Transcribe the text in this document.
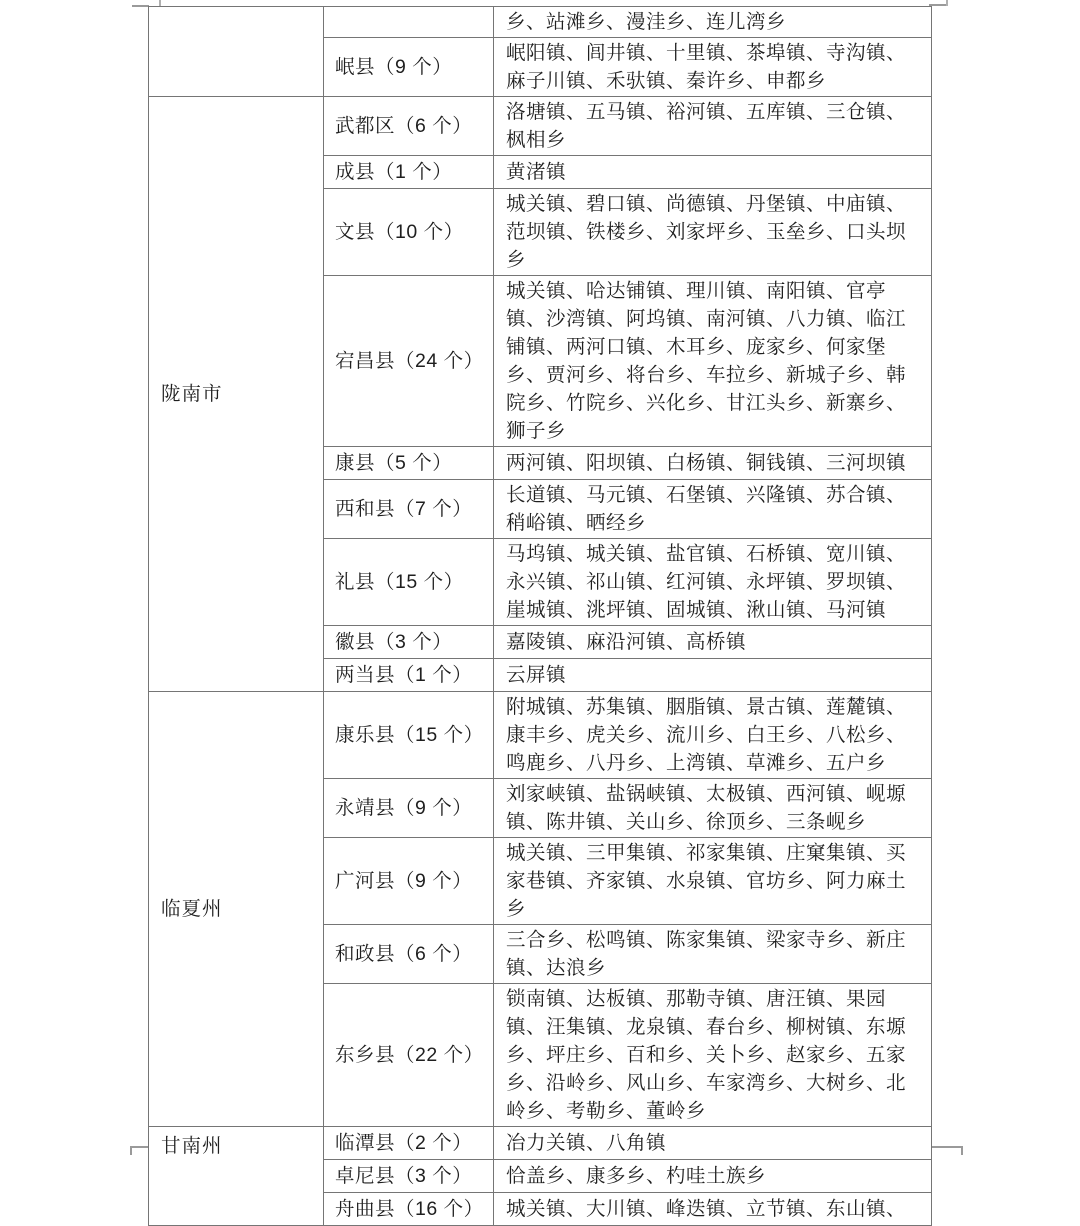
		乡、站滩乡、漫洼乡、连儿湾乡
	岷县（9 个）	岷阳镇、闾井镇、十里镇、茶埠镇、寺沟镇、麻子川镇、禾驮镇、秦许乡、申都乡
陇南市	武都区（6 个）	洛塘镇、五马镇、裕河镇、五库镇、三仓镇、枫相乡
	成县（1 个）	黄渚镇
	文县（10 个）	城关镇、碧口镇、尚德镇、丹堡镇、中庙镇、范坝镇、铁楼乡、刘家坪乡、玉垒乡、口头坝乡
	宕昌县（24 个）	城关镇、哈达铺镇、理川镇、南阳镇、官亭镇、沙湾镇、阿坞镇、南河镇、八力镇、临江铺镇、两河口镇、木耳乡、庞家乡、何家堡乡、贾河乡、将台乡、车拉乡、新城子乡、韩院乡、竹院乡、兴化乡、甘江头乡、新寨乡、狮子乡
	康县（5 个）	两河镇、阳坝镇、白杨镇、铜钱镇、三河坝镇
	西和县（7 个）	长道镇、马元镇、石堡镇、兴隆镇、苏合镇、稍峪镇、晒经乡
	礼县（15 个）	马坞镇、城关镇、盐官镇、石桥镇、宽川镇、永兴镇、祁山镇、红河镇、永坪镇、罗坝镇、崖城镇、洮坪镇、固城镇、湫山镇、马河镇
	徽县（3 个）	嘉陵镇、麻沿河镇、高桥镇
	两当县（1 个）	云屏镇
临夏州	康乐县（15 个）	附城镇、苏集镇、胭脂镇、景古镇、莲麓镇、康丰乡、虎关乡、流川乡、白王乡、八松乡、鸣鹿乡、八丹乡、上湾镇、草滩乡、五户乡
	永靖县（9 个）	刘家峡镇、盐锅峡镇、太极镇、西河镇、岘塬镇、陈井镇、关山乡、徐顶乡、三条岘乡
	广河县（9 个）	城关镇、三甲集镇、祁家集镇、庄窠集镇、买家巷镇、齐家镇、水泉镇、官坊乡、阿力麻土乡
	和政县（6 个）	三合乡、松鸣镇、陈家集镇、梁家寺乡、新庄镇、达浪乡
	东乡县（22 个）	锁南镇、达板镇、那勒寺镇、唐汪镇、果园镇、汪集镇、龙泉镇、春台乡、柳树镇、东塬乡、坪庄乡、百和乡、关卜乡、赵家乡、五家乡、沿岭乡、风山乡、车家湾乡、大树乡、北岭乡、考勒乡、董岭乡
甘南州	临潭县（2 个）	冶力关镇、八角镇
	卓尼县（3 个）	恰盖乡、康多乡、杓哇土族乡
	舟曲县（16 个）	城关镇、大川镇、峰迭镇、立节镇、东山镇、
